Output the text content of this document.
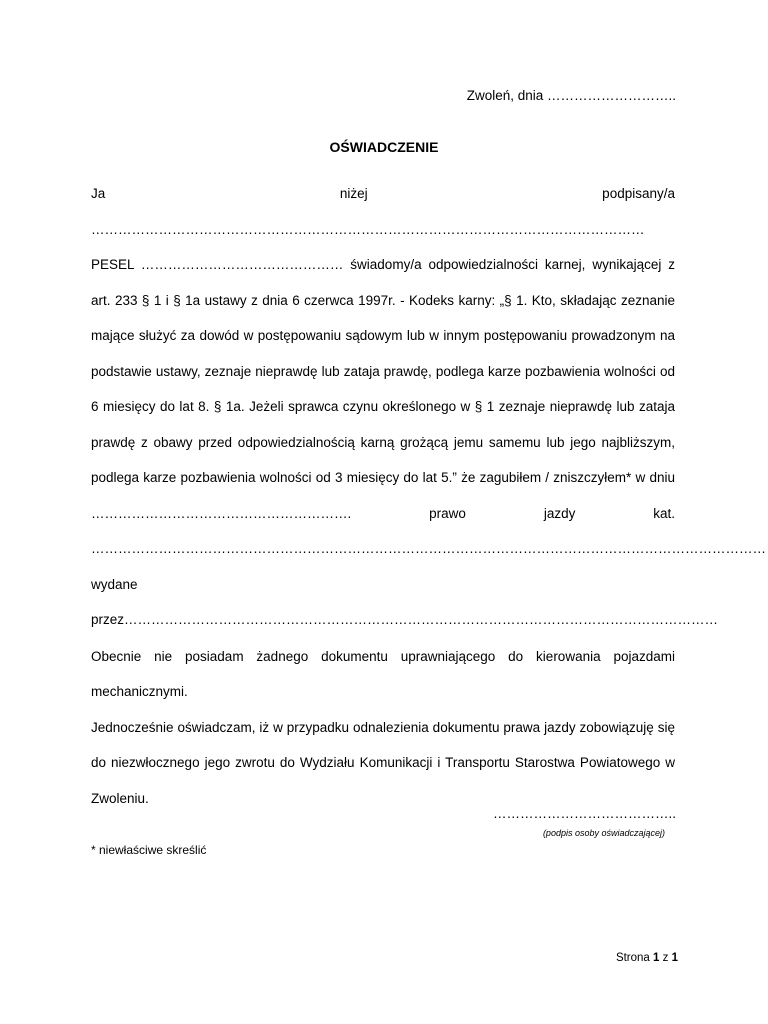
Zwoleń, dnia ………………………..
OŚWIADCZENIE

Ja niżej podpisany/a …………………………………………………………………………………………………………… PESEL ……………………………………… świadomy/a odpowiedzialności karnej, wynikającej z art. 233 § 1 i § 1a ustawy z dnia 6 czerwca 1997r. - Kodeks karny: „§ 1. Kto, składając zeznanie mające służyć za dowód w postępowaniu sądowym lub w innym postępowaniu prowadzonym na podstawie ustawy, zeznaje nieprawdę lub zataja prawdę, podlega karze pozbawienia wolności od 6 miesięcy do lat 8. § 1a. Jeżeli sprawca czynu określonego w § 1 zeznaje nieprawdę lub zataja prawdę z obawy przed odpowiedzialnością karną grożącą jemu samemu lub jego najbliższym, podlega karze pozbawienia wolności od 3 miesięcy do lat 5.” że zagubiłem / zniszczyłem* w dniu …………………………………………………. prawo jazdy kat. …………………………………………………………………………………………………………………………………… wydane przez……………………………………………………………………………………………………………………

Obecnie nie posiadam żadnego dokumentu uprawniającego do kierowania pojazdami mechanicznymi.

Jednocześnie oświadczam, iż w przypadku odnalezienia dokumentu prawa jazdy zobowiązuję się do niezwłocznego jego zwrotu do Wydziału Komunikacji i Transportu Starostwa Powiatowego w Zwoleniu.

…………………………………..
(podpis osoby oświadczającej)
* niewłaściwe skreślić
Strona 1 z 1
